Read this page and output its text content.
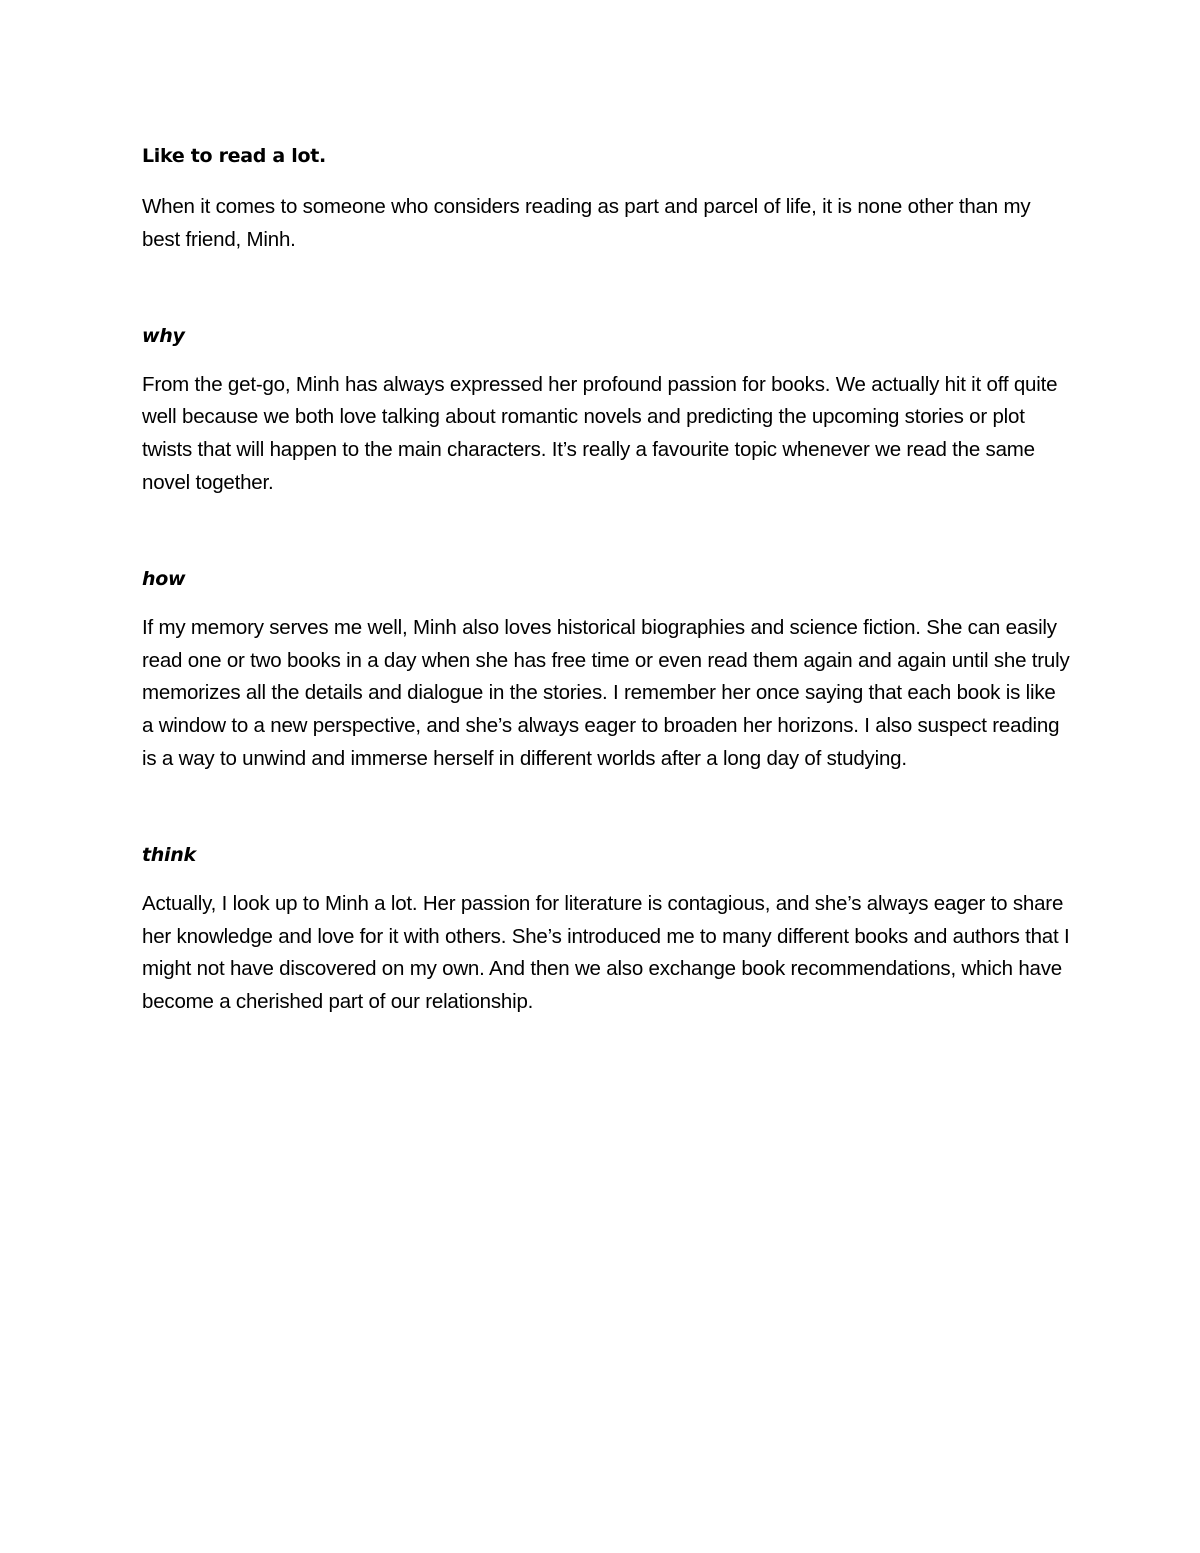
Like to read a lot.

When it comes to someone who considers reading as part and parcel of life, it is none other than my best friend, Minh.

why

From the get-go, Minh has always expressed her profound passion for books. We actually hit it off quite well because we both love talking about romantic novels and predicting the upcoming stories or plot twists that will happen to the main characters. It’s really a favourite topic whenever we read the same novel together.

how

If my memory serves me well, Minh also loves historical biographies and science fiction. She can easily read one or two books in a day when she has free time or even read them again and again until she truly memorizes all the details and dialogue in the stories. I remember her once saying that each book is like a window to a new perspective, and she’s always eager to broaden her horizons. I also suspect reading is a way to unwind and immerse herself in different worlds after a long day of studying.

think

Actually, I look up to Minh a lot. Her passion for literature is contagious, and she’s always eager to share her knowledge and love for it with others. She’s introduced me to many different books and authors that I might not have discovered on my own. And then we also exchange book recommendations, which have become a cherished part of our relationship.
